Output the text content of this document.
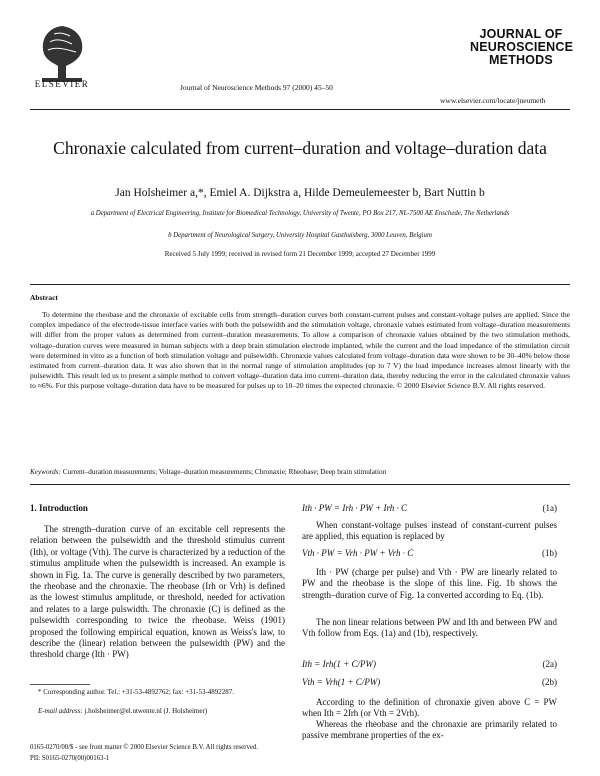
ELSEVIER	Journal of Neuroscience Methods 97 (2000) 45–50
JOURNAL OF NEUROSCIENCE METHODS
www.elsevier.com/locate/jneumeth
Chronaxie calculated from current–duration and voltage–duration data
Jan Holsheimer a,*, Emiel A. Dijkstra a, Hilde Demeulemeester b, Bart Nuttin b
a Department of Electrical Engineering, Institute for Biomedical Technology, University of Twente, PO Box 217, NL-7500 AE Enschede, The Netherlands
b Department of Neurological Surgery, University Hospital Gasthuisberg, 3000 Leuven, Belgium
Received 5 July 1999; received in revised form 21 December 1999; accepted 27 December 1999
Abstract
To determine the rheobase and the chronaxie of excitable cells from strength–duration curves both constant-current pulses and constant-voltage pulses are applied. Since the complex impedance of the electrode-tissue interface varies with both the pulsewidth and the stimulation voltage, chronaxie values estimated from voltage–duration measurements will differ from the proper values as determined from current–duration measurements. To allow a comparison of chronaxie values obtained by the two stimulation methods, voltage–duration curves were measured in human subjects with a deep brain stimulation electrode implanted, while the current and the load impedance of the stimulation circuit were determined in vitro as a function of both stimulation voltage and pulsewidth. Chronaxie values calculated from voltage–duration data were shown to be 30–40% below those estimated from current–duration data. It was also shown that in the normal range of stimulation amplitudes (up to 7 V) the load impedance increases almost linearly with the pulsewidth. This result led us to present a simple method to convert voltage–duration data into current–duration data, thereby reducing the error in the calculated chronaxie values to ≈6%. For this purpose voltage–duration data have to be measured for pulses up to 10–20 times the expected chronaxie. © 2000 Elsevier Science B.V. All rights reserved.
Keywords: Current–duration measurements; Voltage–duration measurements; Chronaxie; Rheobase; Deep brain stimulation
1. Introduction
The strength–duration curve of an excitable cell represents the relation between the pulsewidth and the threshold stimulus current (Ith), or voltage (Vth). The curve is characterized by a reduction of the stimulus amplitude when the pulsewidth is increased. An example is shown in Fig. 1a. The curve is generally described by two parameters, the rheobase and the chronaxie. The rheobase (Irh or Vrh) is defined as the lowest stimulus amplitude, or threshold, needed for activation and relates to a large pulswidth. The chronaxie (C) is defined as the pulsewidth corresponding to twice the rheobase. Weiss (1901) proposed the following empirical equation, known as Weiss's law, to describe the (linear) relation between the pulsewidth (PW) and the threshold charge (Ith · PW)
* Corresponding author. Tel.: +31-53-4892762; fax: +31-53-4892287.
E-mail address: j.holsheimer@el.utwente.nl (J. Holsheimer)
Ith · PW = Irh · PW + Irh · C	(1a)
When constant-voltage pulses instead of constant-current pulses are applied, this equation is replaced by
Vth · PW = Vrh · PW + Vrh · C	(1b)
Ith · PW (charge per pulse) and Vth · PW are linearly related to PW and the rheobase is the slope of this line. Fig. 1b shows the strength–duration curve of Fig. 1a converted according to Eq. (1b).
The non linear relations between PW and Ith and between PW and Vth follow from Eqs. (1a) and (1b), respectively.
Ith = Irh(1 + C/PW)	(2a)
Vth = Vrh(1 + C/PW)	(2b)
According to the definition of chronaxie given above C = PW when Ith = 2Irh (or Vth = 2Vrh).
Whereas the rheobase and the chronaxie are primarily related to passive membrane properties of the ex-
0165-0270/00/$ - see front matter © 2000 Elsevier Science B.V. All rights reserved.
PII: S0165-0270(00)00163-1
